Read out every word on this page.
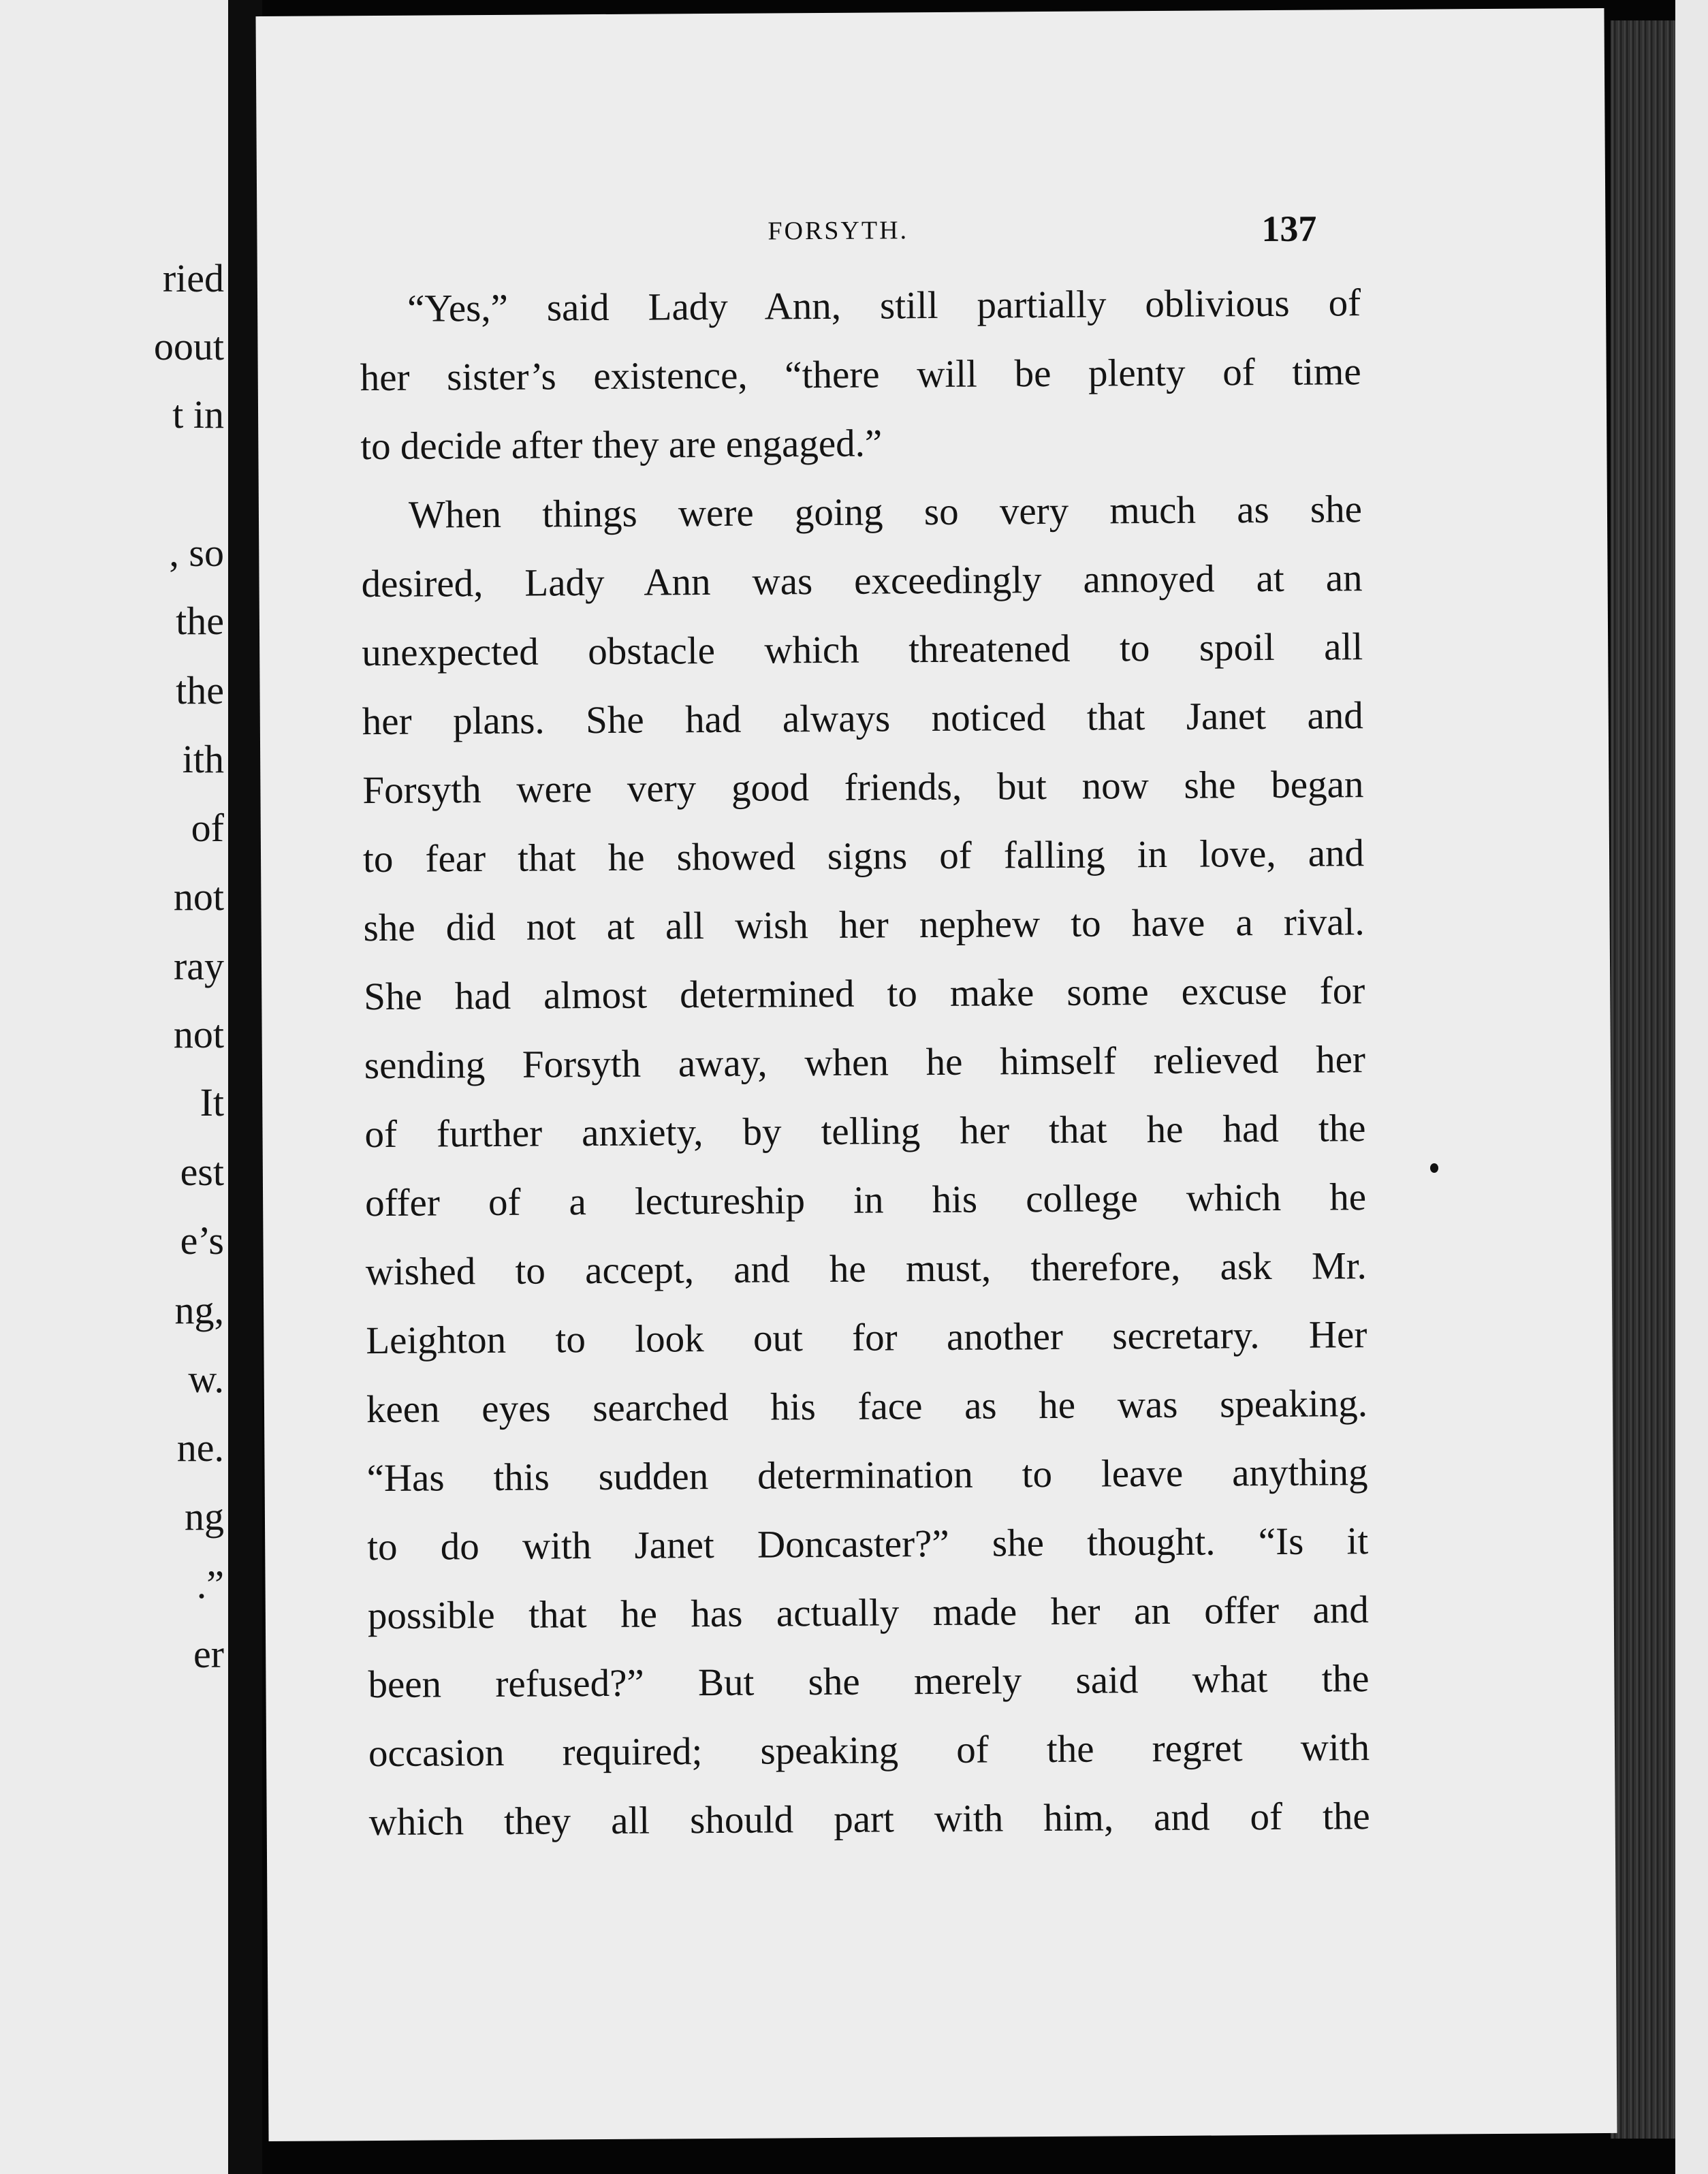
ried
oout
t in
, so
the
the
ith
of
not
ray
not
It
est
e’s
ng,
w.
ne.
ng
.”
er
FORSYTH.	137
“Yes,” said Lady Ann, still partially oblivious of
her sister’s existence, “there will be plenty of time
to decide after they are engaged.”
When things were going so very much as she
desired, Lady Ann was exceedingly annoyed at an
unexpected obstacle which threatened to spoil all
her plans. She had always noticed that Janet and
Forsyth were very good friends, but now she began
to fear that he showed signs of falling in love, and
she did not at all wish her nephew to have a rival.
She had almost determined to make some excuse for
sending Forsyth away, when he himself relieved her
of further anxiety, by telling her that he had the
offer of a lectureship in his college which he
wished to accept, and he must, therefore, ask Mr.
Leighton to look out for another secretary. Her
keen eyes searched his face as he was speaking.
“Has this sudden determination to leave anything
to do with Janet Doncaster?” she thought. “Is it
possible that he has actually made her an offer and
been refused?” But she merely said what the
occasion required; speaking of the regret with
which they all should part with him, and of the
